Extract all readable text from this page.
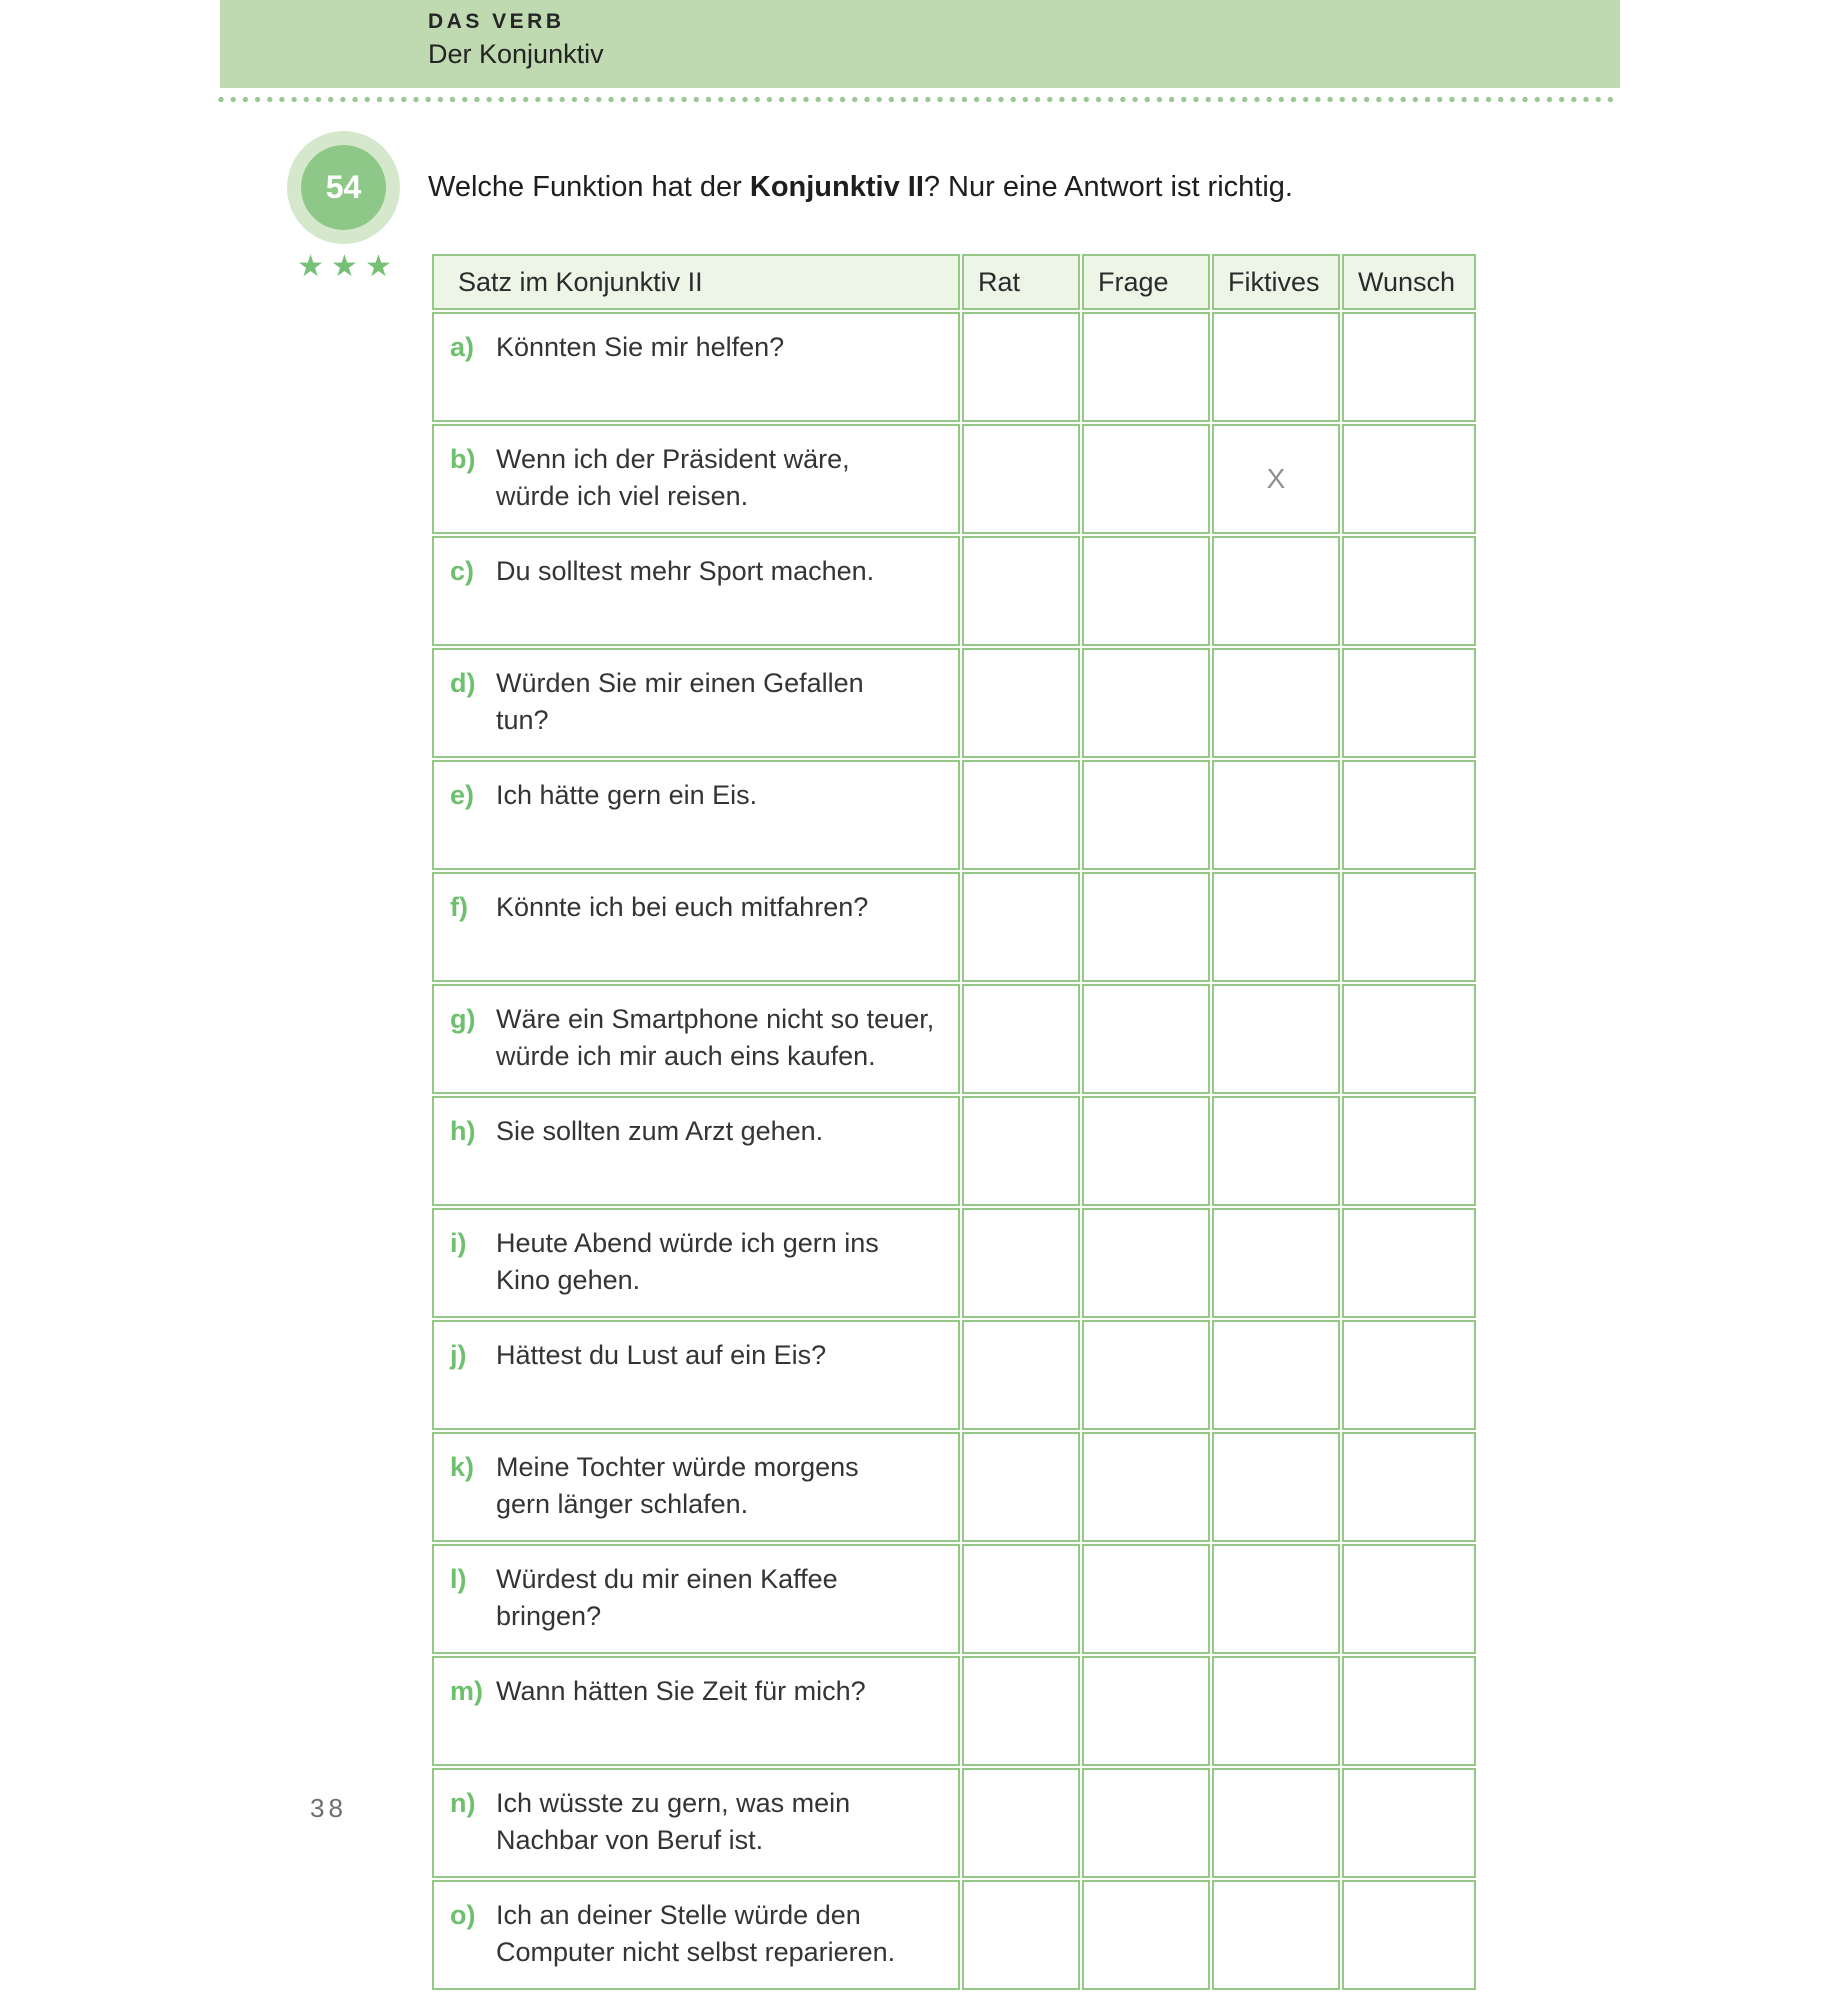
DAS VERB
Der Konjunktiv
54
★★★
Welche Funktion hat der Konjunktiv II? Nur eine Antwort ist richtig.
Satz im Konjunktiv II	Rat	Frage	Fiktives	Wunsch
a) Könnten Sie mir helfen?				
b) Wenn ich der Präsident wäre,
würde ich viel reisen.			X	
c) Du solltest mehr Sport machen.				
d) Würden Sie mir einen Gefallen
tun?				
e) Ich hätte gern ein Eis.				
f) Könnte ich bei euch mitfahren?				
g) Wäre ein Smartphone nicht so teuer,
würde ich mir auch eins kaufen.				
h) Sie sollten zum Arzt gehen.				
i) Heute Abend würde ich gern ins
Kino gehen.				
j) Hättest du Lust auf ein Eis?				
k) Meine Tochter würde morgens
gern länger schlafen.				
l) Würdest du mir einen Kaffee
bringen?				
m) Wann hätten Sie Zeit für mich?				
n) Ich wüsste zu gern, was mein
Nachbar von Beruf ist.				
o) Ich an deiner Stelle würde den
Computer nicht selbst reparieren.				
38
